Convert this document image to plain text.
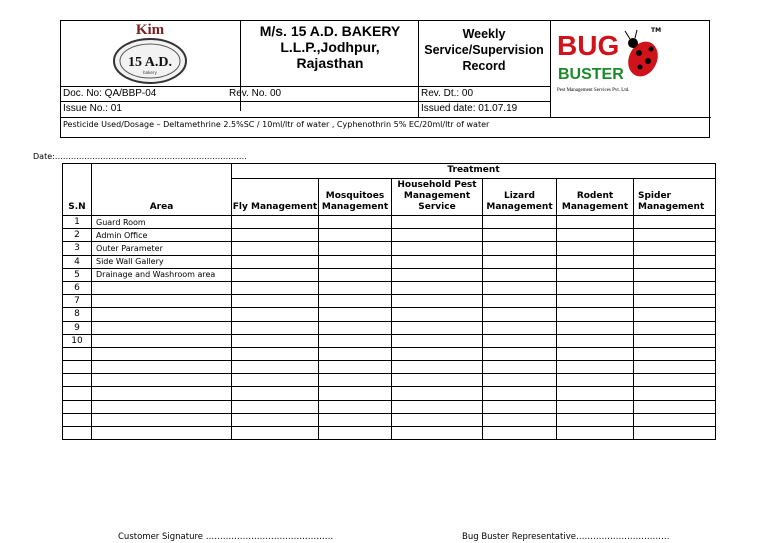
Kim
15 A.D.
bakery
M/s. 15 A.D. BAKERY L.L.P.,Jodhpur, Rajasthan
Weekly Service/Supervision Record
BUG
BUSTER
TM
Pest Management Services Pvt. Ltd.
Doc. No: QA/BBP-04	Rev. No. 00	Rev. Dt.: 00
Issue No.: 01	Issued date: 01.07.19
Pesticide Used/Dosage – Deltamethrine 2.5%SC / 10ml/ltr of water , Cyphenothrin 5% EC/20ml/ltr of water
Date:………………………………………………………………
S.N	Area	Treatment					
		Fly Management	Mosquitoes Management	Household Pest Management Service	Lizard Management	Rodent Management	Spider Management
1	Guard Room						
2	Admin Office						
3	Outer Parameter						
4	Side Wall Gallery						
5	Drainage and Washroom area						
6							
7							
8							
9							
10							

Customer Signature ………………………………………	Bug Buster Representative……………………………
